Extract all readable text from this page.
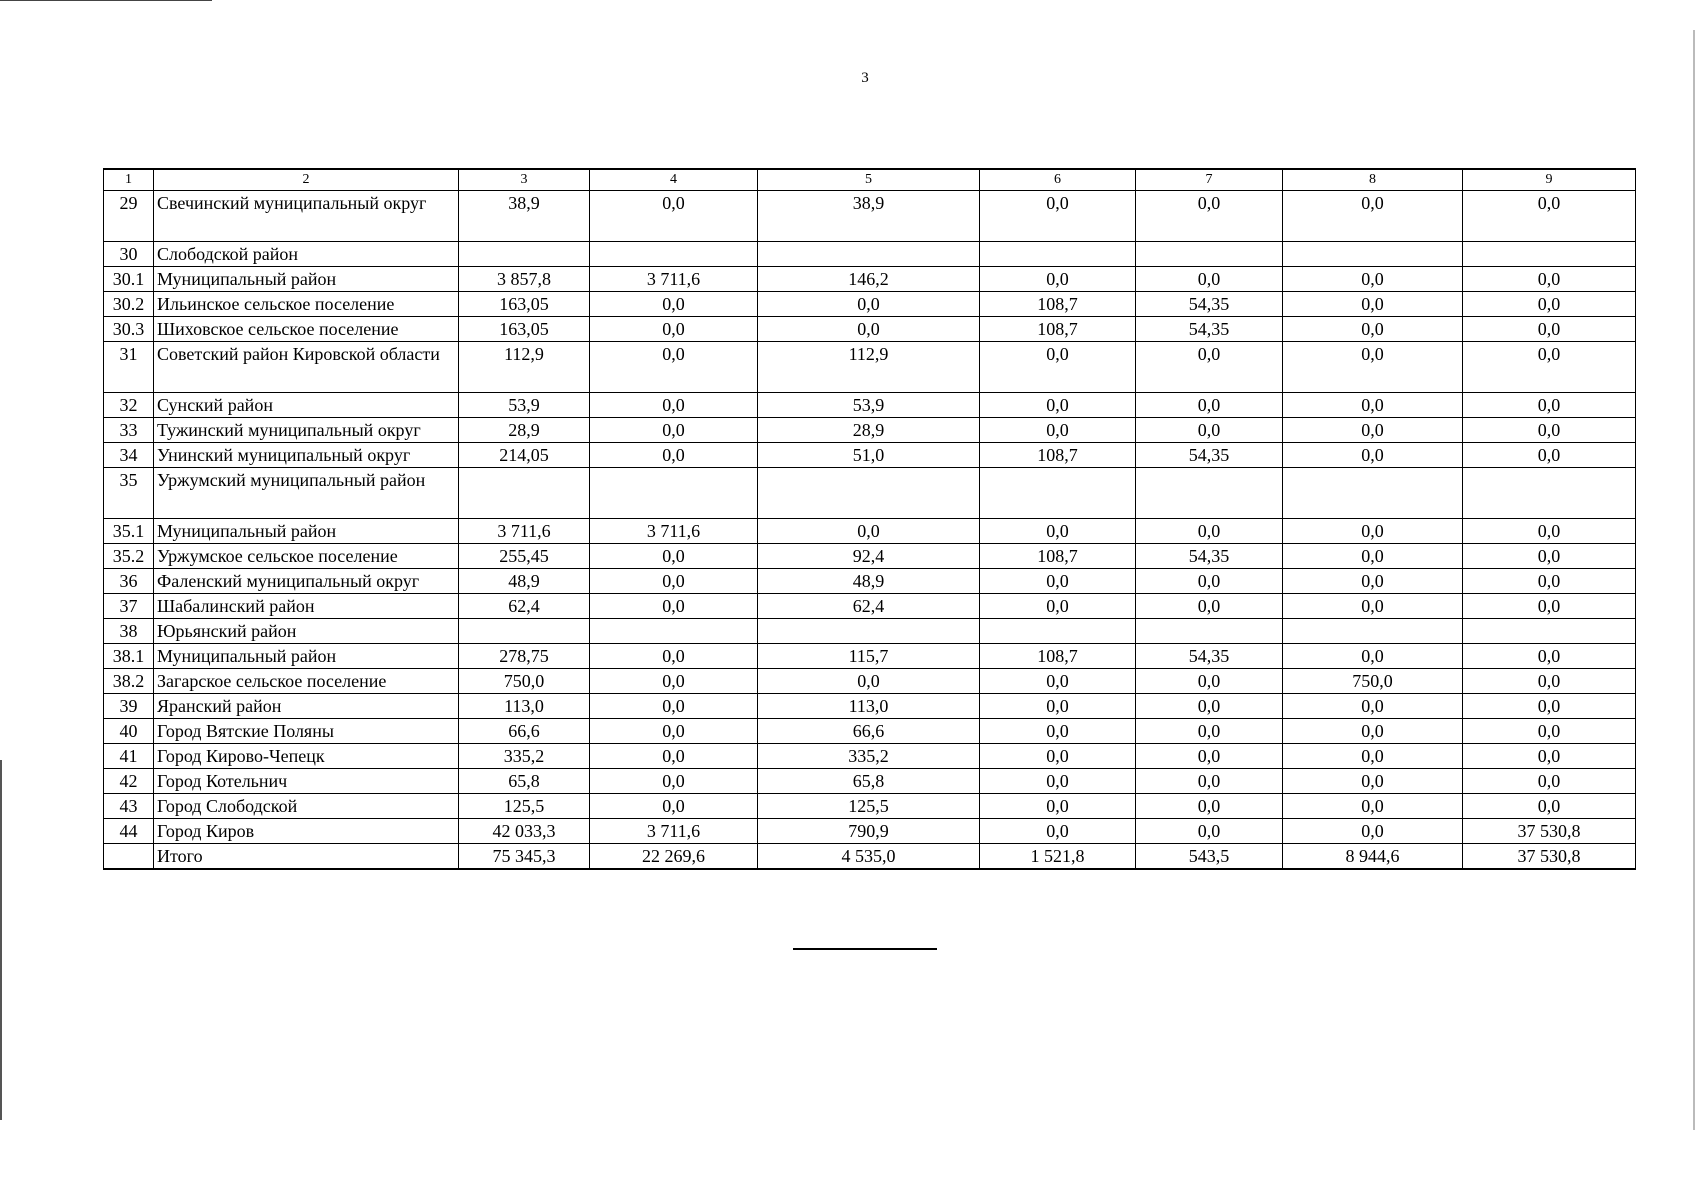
3
1	2	3	4	5	6	7	8	9
29	Свечинский муниципальный округ	38,9	0,0	38,9	0,0	0,0	0,0	0,0
30	Слободской район							
30.1	Муниципальный район	3 857,8	3 711,6	146,2	0,0	0,0	0,0	0,0
30.2	Ильинское сельское поселение	163,05	0,0	0,0	108,7	54,35	0,0	0,0
30.3	Шиховское сельское поселение	163,05	0,0	0,0	108,7	54,35	0,0	0,0
31	Советский район Кировской области	112,9	0,0	112,9	0,0	0,0	0,0	0,0
32	Сунский район	53,9	0,0	53,9	0,0	0,0	0,0	0,0
33	Тужинский муниципальный округ	28,9	0,0	28,9	0,0	0,0	0,0	0,0
34	Унинский муниципальный округ	214,05	0,0	51,0	108,7	54,35	0,0	0,0
35	Уржумский муниципальный район							
35.1	Муниципальный район	3 711,6	3 711,6	0,0	0,0	0,0	0,0	0,0
35.2	Уржумское сельское поселение	255,45	0,0	92,4	108,7	54,35	0,0	0,0
36	Фаленский муниципальный округ	48,9	0,0	48,9	0,0	0,0	0,0	0,0
37	Шабалинский район	62,4	0,0	62,4	0,0	0,0	0,0	0,0
38	Юрьянский район							
38.1	Муниципальный район	278,75	0,0	115,7	108,7	54,35	0,0	0,0
38.2	Загарское сельское поселение	750,0	0,0	0,0	0,0	0,0	750,0	0,0
39	Яранский район	113,0	0,0	113,0	0,0	0,0	0,0	0,0
40	Город Вятские Поляны	66,6	0,0	66,6	0,0	0,0	0,0	0,0
41	Город Кирово-Чепецк	335,2	0,0	335,2	0,0	0,0	0,0	0,0
42	Город Котельнич	65,8	0,0	65,8	0,0	0,0	0,0	0,0
43	Город Слободской	125,5	0,0	125,5	0,0	0,0	0,0	0,0
44	Город Киров	42 033,3	3 711,6	790,9	0,0	0,0	0,0	37 530,8
	Итого	75 345,3	22 269,6	4 535,0	1 521,8	543,5	8 944,6	37 530,8
